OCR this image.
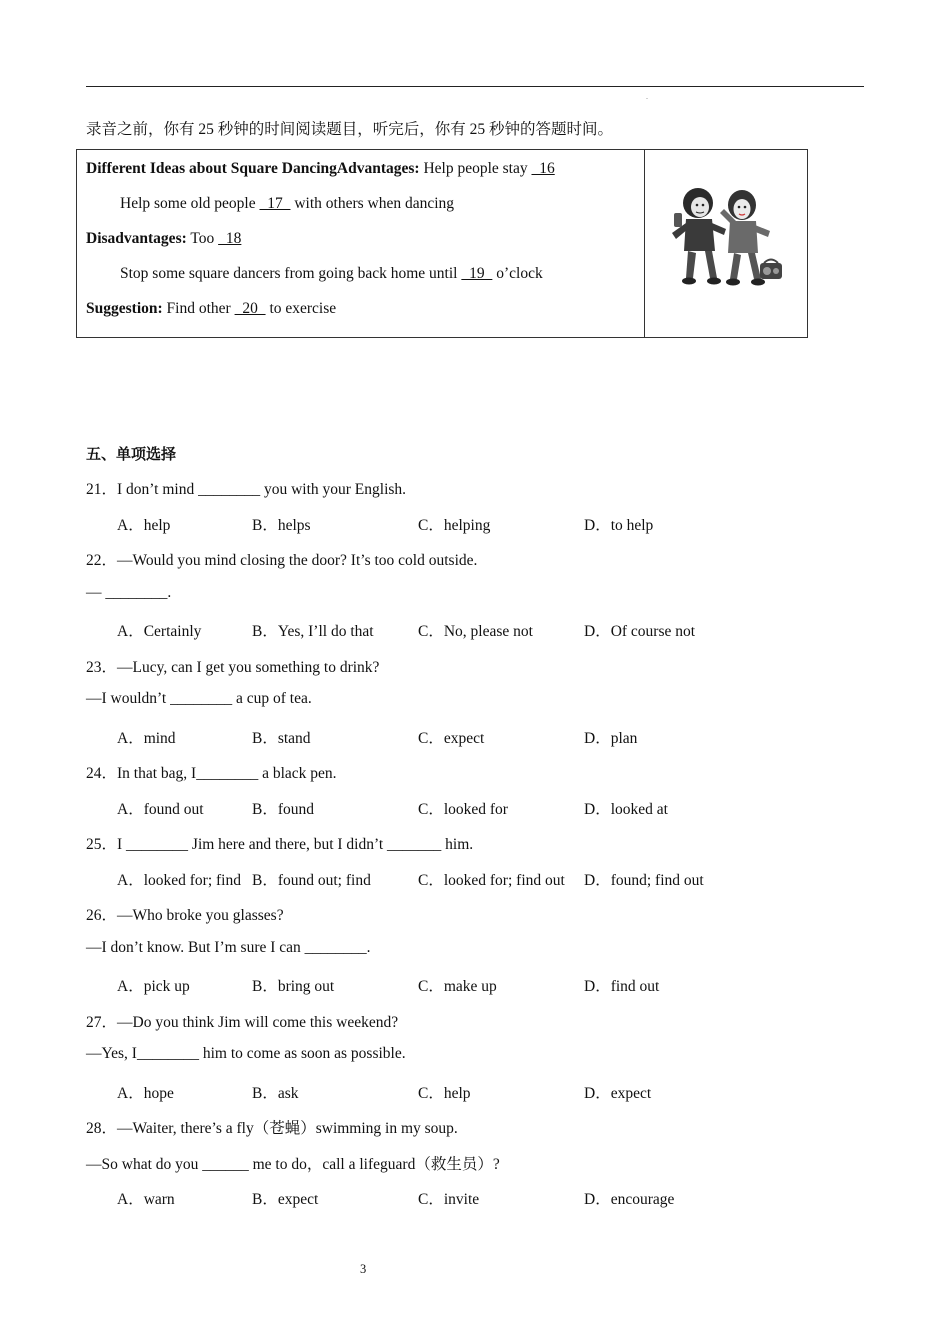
.
录音之前，你有 25 秒钟的时间阅读题目，听完后，你有 25 秒钟的答题时间。
Different Ideas about Square DancingAdvantages: Help people stay   16
Help some old people   17   with others when dancing
Disadvantages: Too   18
Stop some square dancers from going back home until   19   o’clock
Suggestion: Find other   20   to exercise
五、单项选择
21．I don’t mind ________ you with your English.
A．help	B．helps	C．helping	D．to help
22．—Would you mind closing the door? It’s too cold outside.
— ________.
A．Certainly	B．Yes, I’ll do that	C．No, please not	D．Of course not
23．—Lucy, can I get you something to drink?
—I wouldn’t ________ a cup of tea.
A．mind	B．stand	C．expect	D．plan
24．In that bag, I________ a black pen.
A．found out	B．found	C．looked for	D．looked at
25．I ________ Jim here and there, but I didn’t _______ him.
A．looked for; find B．found out; find	C．looked for; find out D．found; find out
26．—Who broke you glasses?
—I don’t know. But I’m sure I can ________.
A．pick up	B．bring out	C．make up	D．find out
27．—Do you think Jim will come this weekend?
—Yes, I________ him to come as soon as possible.
A．hope	B．ask	C．help	D．expect
28．—Waiter, there’s a fly（苍蝇）swimming in my soup.
—So what do you ______ me to do，call a lifeguard（救生员）?
A．warn	B．expect	C．invite	D．encourage
3
